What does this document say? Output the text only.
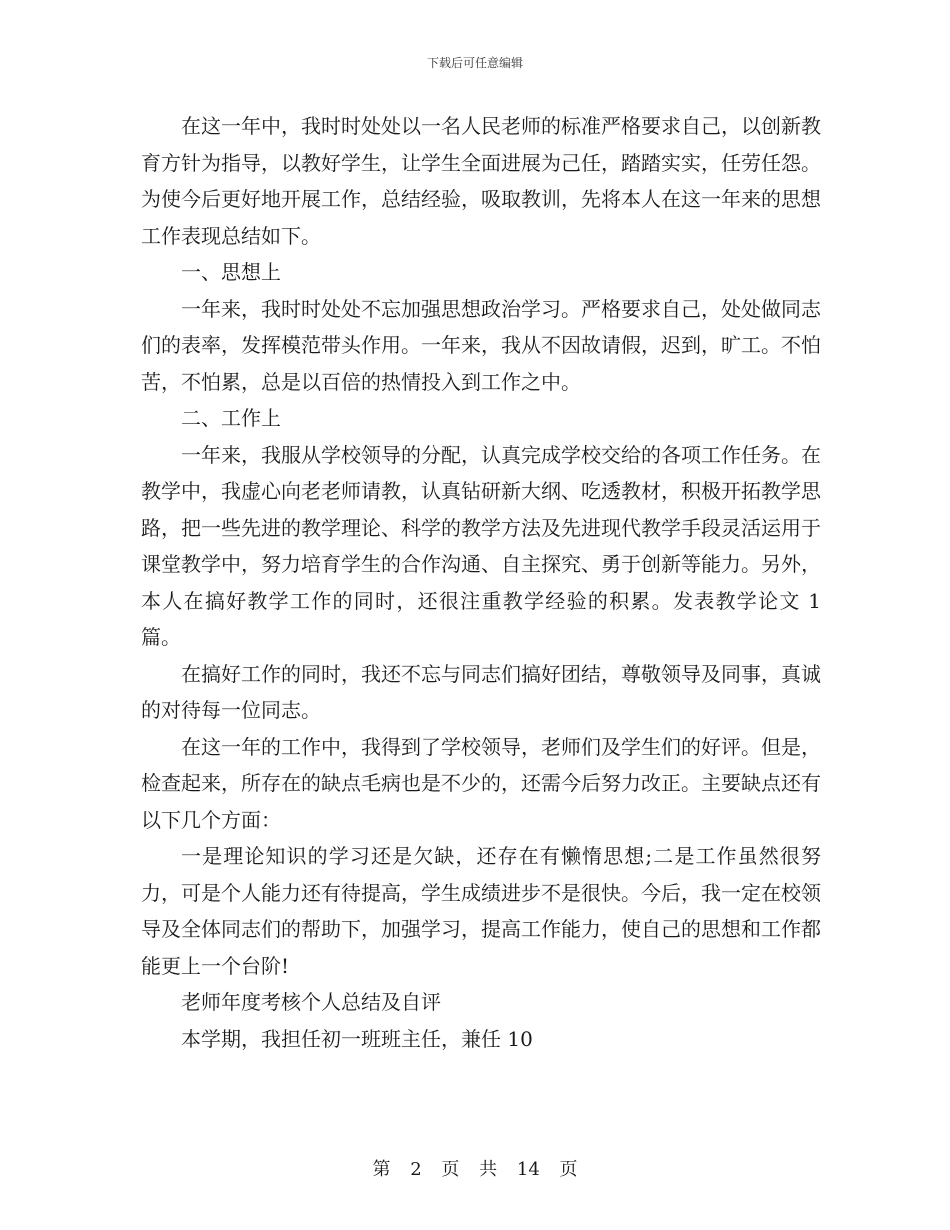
下载后可任意编辑

在这一年中，我时时处处以一名人民老师的标准严格要求自己，以创新教育方针为指导，以教好学生，让学生全面进展为己任，踏踏实实，任劳任怨。为使今后更好地开展工作，总结经验，吸取教训，先将本人在这一年来的思想工作表现总结如下。

一、思想上

一年来，我时时处处不忘加强思想政治学习。严格要求自己，处处做同志们的表率，发挥模范带头作用。一年来，我从不因故请假，迟到，旷工。不怕苦，不怕累，总是以百倍的热情投入到工作之中。

二、工作上

一年来，我服从学校领导的分配，认真完成学校交给的各项工作任务。在教学中，我虚心向老老师请教，认真钻研新大纲、吃透教材，积极开拓教学思路，把一些先进的教学理论、科学的教学方法及先进现代教学手段灵活运用于课堂教学中，努力培育学生的合作沟通、自主探究、勇于创新等能力。另外，本人在搞好教学工作的同时，还很注重教学经验的积累。发表教学论文 1 篇。

在搞好工作的同时，我还不忘与同志们搞好团结，尊敬领导及同事，真诚的对待每一位同志。

在这一年的工作中，我得到了学校领导，老师们及学生们的好评。但是，检查起来，所存在的缺点毛病也是不少的，还需今后努力改正。主要缺点还有以下几个方面：

一是理论知识的学习还是欠缺，还存在有懒惰思想;二是工作虽然很努力，可是个人能力还有待提高，学生成绩进步不是很快。今后，我一定在校领导及全体同志们的帮助下，加强学习，提高工作能力，使自己的思想和工作都能更上一个台阶!

老师年度考核个人总结及自评

本学期，我担任初一班班主任，兼任 10

第 2 页 共 14 页
